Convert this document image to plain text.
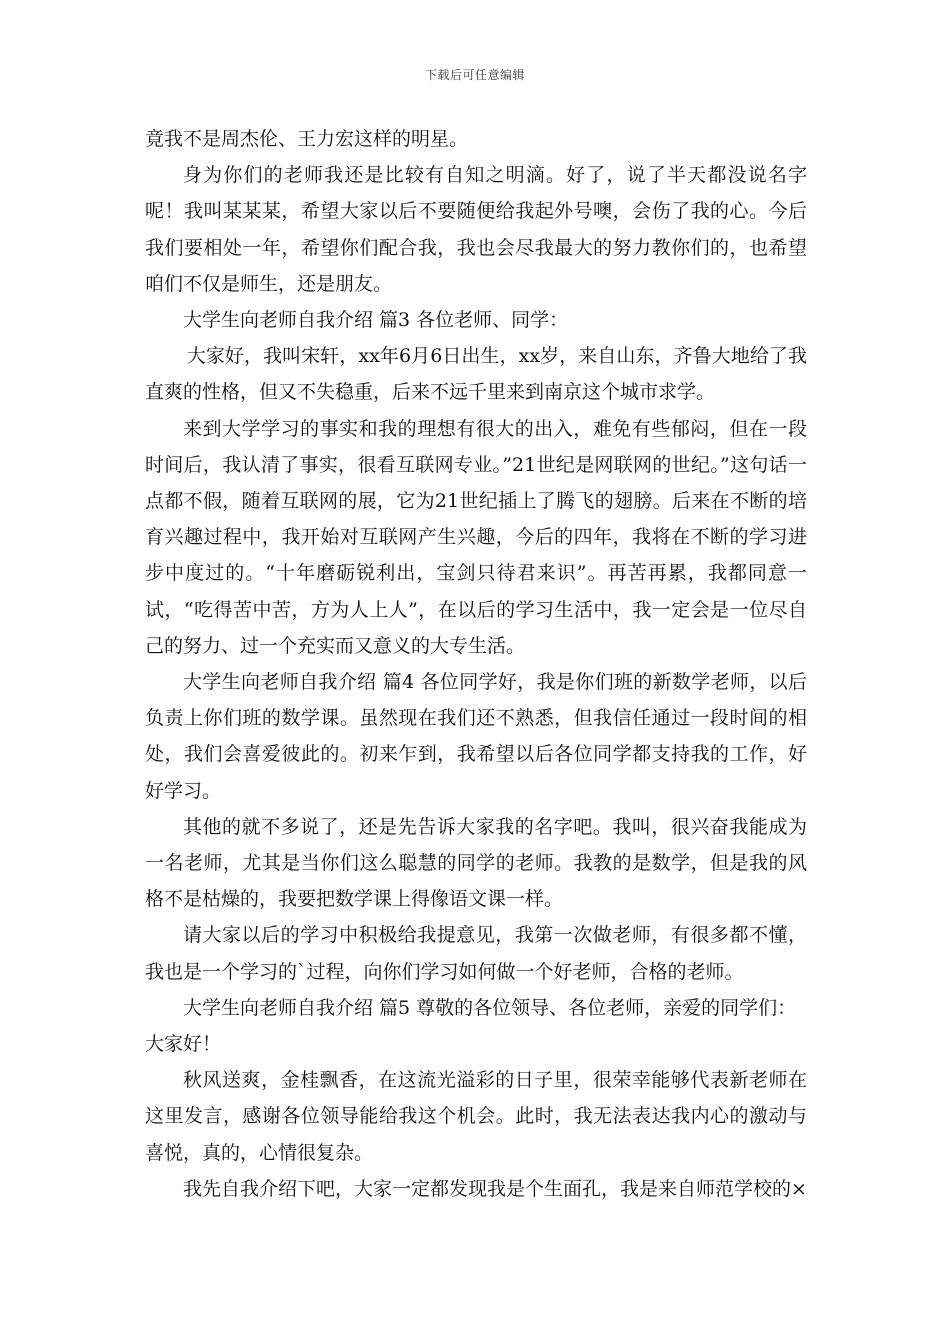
下载后可任意编辑

竟我不是周杰伦、王力宏这样的明星。

身为你们的老师我还是比较有自知之明滴。好了，说了半天都没说名字呢！我叫某某某，希望大家以后不要随便给我起外号噢，会伤了我的心。今后我们要相处一年，希望你们配合我，我也会尽我最大的努力教你们的，也希望咱们不仅是师生，还是朋友。

大学生向老师自我介绍 篇3 各位老师、同学：

大家好，我叫宋轩，xx年6月6日出生，xx岁，来自山东，齐鲁大地给了我直爽的性格，但又不失稳重，后来不远千里来到南京这个城市求学。

来到大学学习的事实和我的理想有很大的出入，难免有些郁闷，但在一段时间后，我认清了事实，很看互联网专业。”21世纪是网联网的世纪。”这句话一点都不假，随着互联网的展，它为21世纪插上了腾飞的翅膀。后来在不断的培育兴趣过程中，我开始对互联网产生兴趣，今后的四年，我将在不断的学习进步中度过的。“十年磨砺锐利出，宝剑只待君来识”。再苦再累，我都同意一试，“吃得苦中苦，方为人上人”，在以后的学习生活中，我一定会是一位尽自己的努力、过一个充实而又意义的大专生活。

大学生向老师自我介绍 篇4 各位同学好，我是你们班的新数学老师，以后负责上你们班的数学课。虽然现在我们还不熟悉，但我信任通过一段时间的相处，我们会喜爱彼此的。初来乍到，我希望以后各位同学都支持我的工作，好好学习。

其他的就不多说了，还是先告诉大家我的名字吧。我叫，很兴奋我能成为一名老师，尤其是当你们这么聪慧的同学的老师。我教的是数学，但是我的风格不是枯燥的，我要把数学课上得像语文课一样。

请大家以后的学习中积极给我提意见，我第一次做老师，有很多都不懂，我也是一个学习的`过程，向你们学习如何做一个好老师，合格的老师。

大学生向老师自我介绍 篇5 尊敬的各位领导、各位老师，亲爱的同学们：

大家好！

秋风送爽，金桂飘香，在这流光溢彩的日子里，很荣幸能够代表新老师在这里发言，感谢各位领导能给我这个机会。此时，我无法表达我内心的激动与喜悦，真的，心情很复杂。

我先自我介绍下吧，大家一定都发现我是个生面孔，我是来自师范学校的×
